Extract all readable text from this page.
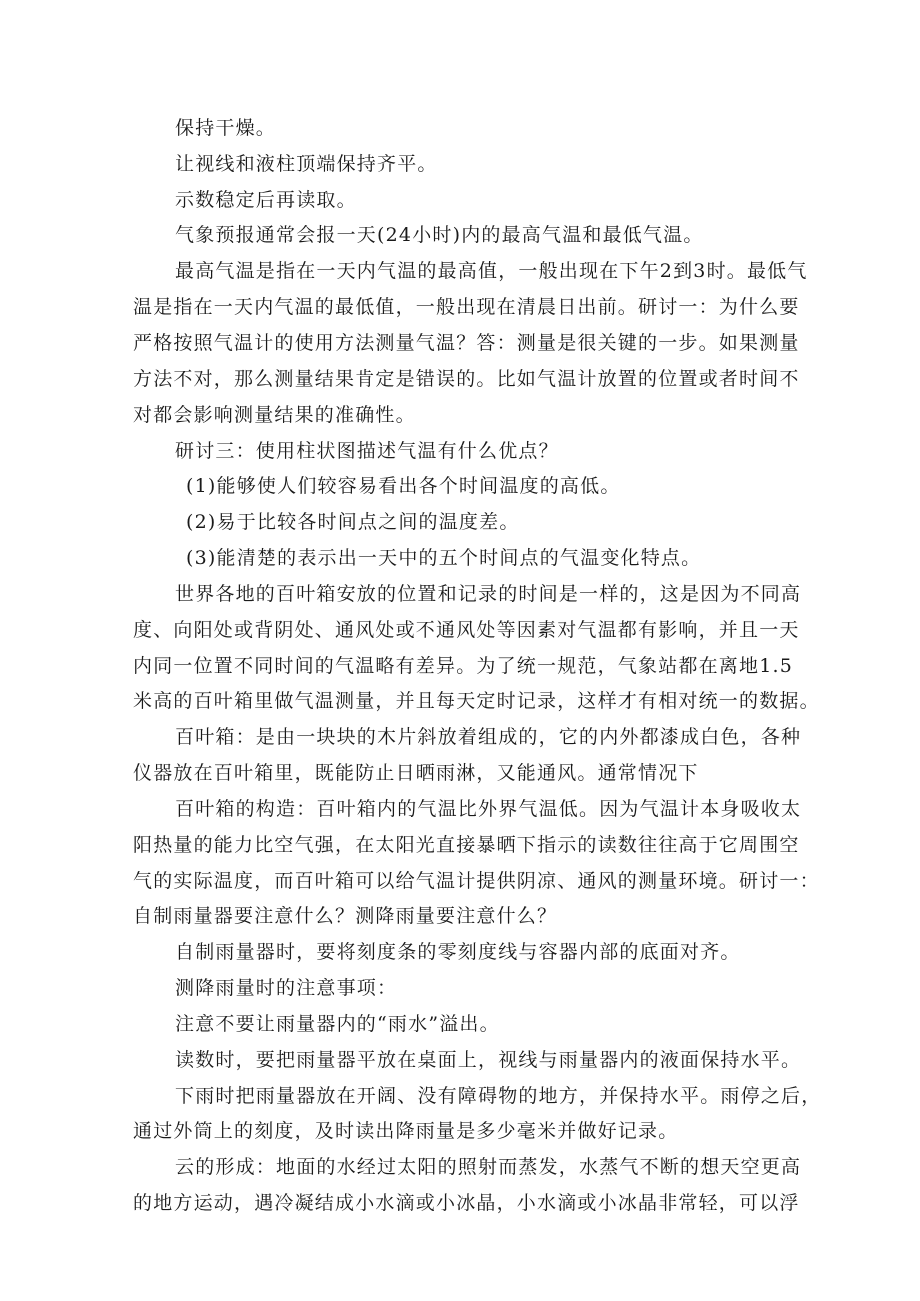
保持干燥。
让视线和液柱顶端保持齐平。
示数稳定后再读取。
气象预报通常会报一天(24小时)内的最高气温和最低气温。
最高气温是指在一天内气温的最高值，一般出现在下午2到3时。最低气
温是指在一天内气温的最低值，一般出现在清晨日出前。研讨一：为什么要
严格按照气温计的使用方法测量气温？答：测量是很关键的一步。如果测量
方法不对，那么测量结果肯定是错误的。比如气温计放置的位置或者时间不
对都会影响测量结果的准确性。
研讨三：使用柱状图描述气温有什么优点？
(1)能够使人们较容易看出各个时间温度的高低。
(2)易于比较各时间点之间的温度差。
(3)能清楚的表示出一天中的五个时间点的气温变化特点。
世界各地的百叶箱安放的位置和记录的时间是一样的，这是因为不同高
度、向阳处或背阴处、通风处或不通风处等因素对气温都有影响，并且一天
内同一位置不同时间的气温略有差异。为了统一规范，气象站都在离地1.5
米高的百叶箱里做气温测量，并且每天定时记录，这样才有相对统一的数据。
百叶箱：是由一块块的木片斜放着组成的，它的内外都漆成白色，各种
仪器放在百叶箱里，既能防止日晒雨淋，又能通风。通常情况下
百叶箱的构造：百叶箱内的气温比外界气温低。因为气温计本身吸收太
阳热量的能力比空气强，在太阳光直接暴晒下指示的读数往往高于它周围空
气的实际温度，而百叶箱可以给气温计提供阴凉、通风的测量环境。研讨一：
自制雨量器要注意什么？测降雨量要注意什么？
自制雨量器时，要将刻度条的零刻度线与容器内部的底面对齐。
测降雨量时的注意事项：
注意不要让雨量器内的“雨水”溢出。
读数时，要把雨量器平放在桌面上，视线与雨量器内的液面保持水平。
下雨时把雨量器放在开阔、没有障碍物的地方，并保持水平。雨停之后，
通过外筒上的刻度，及时读出降雨量是多少毫米并做好记录。
云的形成：地面的水经过太阳的照射而蒸发，水蒸气不断的想天空更高
的地方运动，遇冷凝结成小水滴或小冰晶，小水滴或小冰晶非常轻，可以浮
